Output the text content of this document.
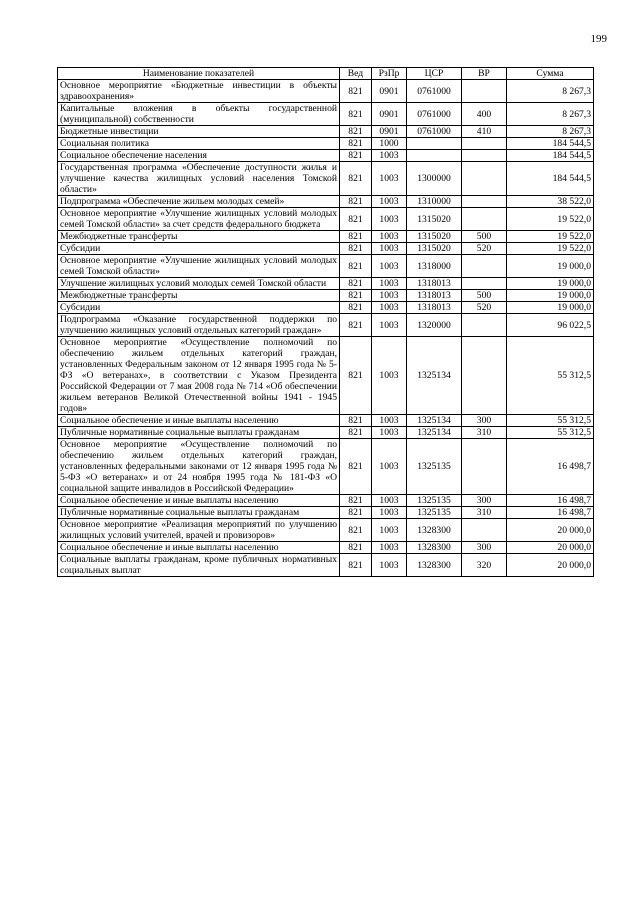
199
Наименование показателей	Вед	РзПр	ЦСР	ВР	Сумма
Основное мероприятие «Бюджетные инвестиции в объекты здравоохранения»	821	0901	0761000		8 267,3
Капитальные вложения в объекты государственной (муниципальной) собственности	821	0901	0761000	400	8 267,3
Бюджетные инвестиции	821	0901	0761000	410	8 267,3
Социальная политика	821	1000			184 544,5
Социальное обеспечение населения	821	1003			184 544,5
Государственная программа «Обеспечение доступности жилья и улучшение качества жилищных условий населения Томской области»	821	1003	1300000		184 544,5
Подпрограмма «Обеспечение жильем молодых семей»	821	1003	1310000		38 522,0
Основное мероприятие «Улучшение жилищных условий молодых семей Томской области» за счет средств федерального бюджета	821	1003	1315020		19 522,0
Межбюджетные трансферты	821	1003	1315020	500	19 522,0
Субсидии	821	1003	1315020	520	19 522,0
Основное мероприятие «Улучшение жилищных условий молодых семей Томской области»	821	1003	1318000		19 000,0
Улучшение жилищных условий молодых семей Томской области	821	1003	1318013		19 000,0
Межбюджетные трансферты	821	1003	1318013	500	19 000,0
Субсидии	821	1003	1318013	520	19 000,0
Подпрограмма «Оказание государственной поддержки по улучшению жилищных условий отдельных категорий граждан»	821	1003	1320000		96 022,5
Основное мероприятие «Осуществление полномочий по обеспечению жильем отдельных категорий граждан, установленных Федеральным законом от 12 января 1995 года № 5-ФЗ «О ветеранах», в соответствии с Указом Президента Российской Федерации от 7 мая 2008 года № 714 «Об обеспечении жильем ветеранов Великой Отечественной войны 1941 - 1945 годов»	821	1003	1325134		55 312,5
Социальное обеспечение и иные выплаты населению	821	1003	1325134	300	55 312,5
Публичные нормативные социальные выплаты гражданам	821	1003	1325134	310	55 312,5
Основное мероприятие «Осуществление полномочий по обеспечению жильем отдельных категорий граждан, установленных федеральными законами от 12 января 1995 года № 5-ФЗ «О ветеранах» и от 24 ноября 1995 года № 181-ФЗ «О социальной защите инвалидов в Российской Федерации»	821	1003	1325135		16 498,7
Социальное обеспечение и иные выплаты населению	821	1003	1325135	300	16 498,7
Публичные нормативные социальные выплаты гражданам	821	1003	1325135	310	16 498,7
Основное мероприятие «Реализация мероприятий по улучшению жилищных условий учителей, врачей и провизоров»	821	1003	1328300		20 000,0
Социальное обеспечение и иные выплаты населению	821	1003	1328300	300	20 000,0
Социальные выплаты гражданам, кроме публичных нормативных социальных выплат	821	1003	1328300	320	20 000,0
